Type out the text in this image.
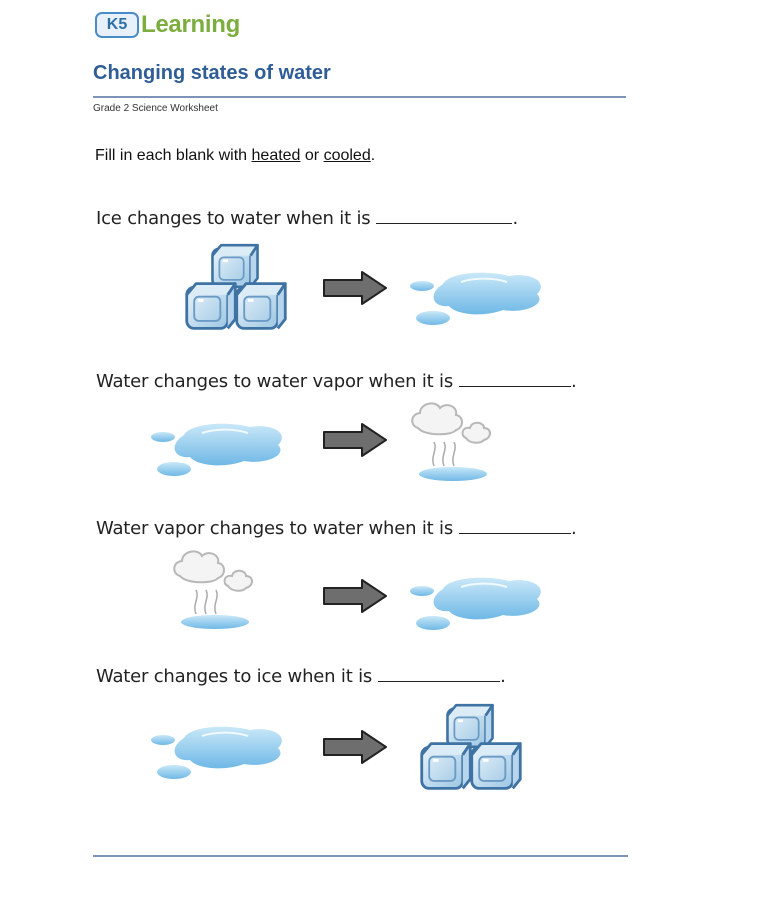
K5 Learning
Changing states of water
Grade 2 Science Worksheet
Fill in each blank with heated or cooled.
Ice changes to water when it is	.
Water changes to water vapor when it is	.
Water vapor changes to water when it is	.
Water changes to ice when it is	.
